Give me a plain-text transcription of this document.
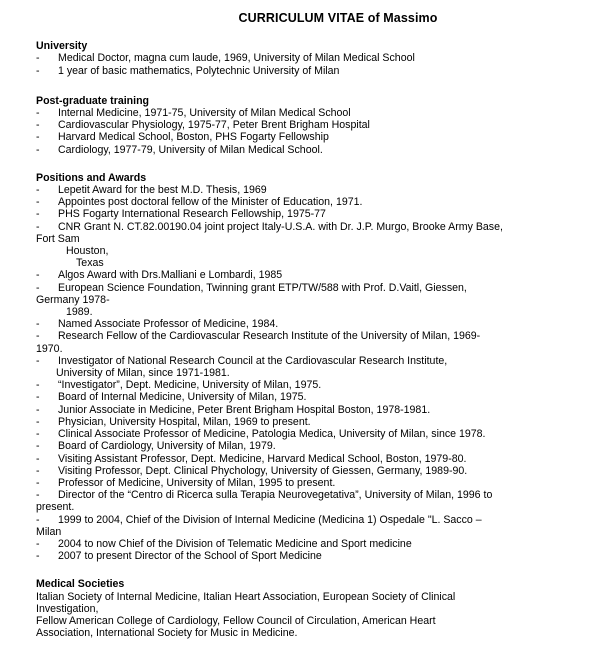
CURRICULUM VITAE of Massimo
University
- Medical Doctor, magna cum laude, 1969, University of Milan Medical School
- 1 year of basic mathematics, Polytechnic University of Milan
Post-graduate training
- Internal Medicine, 1971-75, University of Milan Medical School
- Cardiovascular Physiology, 1975-77, Peter Brent Brigham Hospital
- Harvard Medical School, Boston, PHS Fogarty Fellowship
- Cardiology, 1977-79, University of Milan Medical School.
Positions and Awards
- Lepetit Award for the best M.D. Thesis, 1969
- Appointes post doctoral fellow of the Minister of Education, 1971.
- PHS Fogarty International Research Fellowship, 1975-77
- CNR Grant N. CT.82.00190.04 joint project Italy-U.S.A. with Dr. J.P. Murgo, Brooke Army Base,
Fort Sam
Houston,
Texas
- Algos Award with Drs.Malliani e Lombardi, 1985
- European Science Foundation, Twinning grant ETP/TW/588 with Prof. D.Vaitl, Giessen,
Germany 1978-
1989.
- Named Associate Professor of Medicine, 1984.
- Research Fellow of the Cardiovascular Research Institute of the University of Milan, 1969-
1970.
- Investigator of National Research Council at the Cardiovascular Research Institute,
University of Milan, since 1971-1981.
- “Investigator”, Dept. Medicine, University of Milan, 1975.
- Board of Internal Medicine, University of Milan, 1975.
- Junior Associate in Medicine, Peter Brent Brigham Hospital Boston, 1978-1981.
- Physician, University Hospital, Milan, 1969 to present.
- Clinical Associate Professor of Medicine, Patologia Medica, University of Milan, since 1978.
- Board of Cardiology, University of Milan, 1979.
- Visiting Assistant Professor, Dept. Medicine, Harvard Medical School, Boston, 1979-80.
- Visiting Professor, Dept. Clinical Phychology, University of Giessen, Germany, 1989-90.
- Professor of Medicine, University of Milan, 1995 to present.
- Director of the “Centro di Ricerca sulla Terapia Neurovegetativa”, University of Milan, 1996 to
present.
- 1999 to 2004, Chief of the Division of Internal Medicine (Medicina 1) Ospedale "L. Sacco –
Milan
- 2004 to now Chief of the Division of Telematic Medicine and Sport medicine
- 2007 to present Director of the School of Sport Medicine
Medical Societies
Italian Society of Internal Medicine, Italian Heart Association, European Society of Clinical
Investigation,
Fellow American College of Cardiology, Fellow Council of Circulation, American Heart
Association, International Society for Music in Medicine.
